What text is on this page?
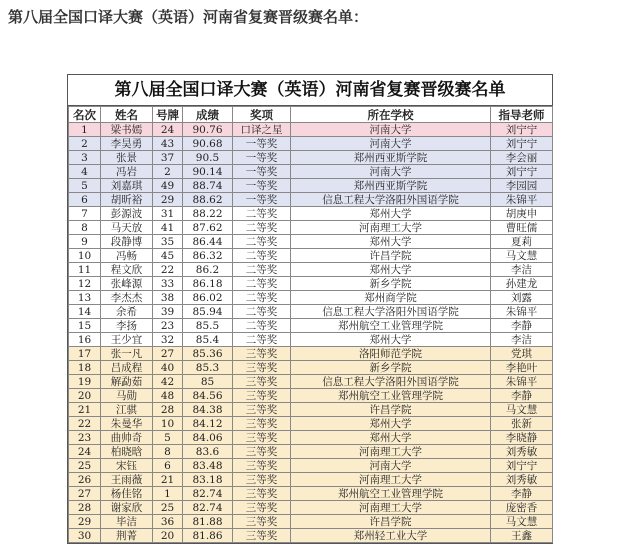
第八届全国口译大赛（英语）河南省复赛晋级赛名单：
第八届全国口译大赛（英语）河南省复赛晋级赛名单
名次	姓名	号牌	成绩	奖项	所在学校	指导老师
1	梁书嫣	24	90.76	口译之星	河南大学	刘宁宁
2	李昊勇	43	90.68	一等奖	河南大学	刘宁宁
3	张景	37	90.5	一等奖	郑州西亚斯学院	李会丽
4	冯岩	2	90.14	一等奖	河南大学	刘宁宁
5	刘嘉琪	49	88.74	一等奖	郑州西亚斯学院	李园园
6	胡昕裕	29	88.62	一等奖	信息工程大学洛阳外国语学院	朱锦平
7	彭源波	31	88.22	二等奖	郑州大学	胡庚申
8	马天放	41	87.62	二等奖	河南理工大学	曹旺儒
9	段静博	35	86.44	二等奖	郑州大学	夏莉
10	冯畅	45	86.32	二等奖	许昌学院	马文慧
11	程文欣	22	86.2	二等奖	郑州大学	李洁
12	张峰源	33	86.18	二等奖	新乡学院	孙建龙
13	李杰杰	38	86.02	二等奖	郑州商学院	刘露
14	余希	39	85.94	二等奖	信息工程大学洛阳外国语学院	朱锦平
15	李扬	23	85.5	二等奖	郑州航空工业管理学院	李静
16	王少宜	32	85.4	二等奖	郑州大学	李洁
17	张一凡	27	85.36	三等奖	洛阳师范学院	党琪
18	吕成程	40	85.3	三等奖	新乡学院	李艳叶
19	解勐茹	42	85	三等奖	信息工程大学洛阳外国语学院	朱锦平
20	马勋	48	84.56	三等奖	郑州航空工业管理学院	李静
21	江骐	28	84.38	三等奖	许昌学院	马文慧
22	朱曼华	10	84.12	三等奖	郑州大学	张新
23	曲帅奇	5	84.06	三等奖	郑州大学	李晓静
24	柏晓晗	8	83.6	三等奖	河南理工大学	刘秀敏
25	宋钰	6	83.48	三等奖	河南大学	刘宁宁
26	王雨薇	21	83.18	三等奖	河南理工大学	刘秀敏
27	杨佳铭	1	82.74	三等奖	郑州航空工业管理学院	李静
28	谢家欣	25	82.74	三等奖	河南理工大学	庞密香
29	毕洁	36	81.88	三等奖	许昌学院	马文慧
30	荆菁	20	81.86	三等奖	郑州轻工业大学	王鑫
